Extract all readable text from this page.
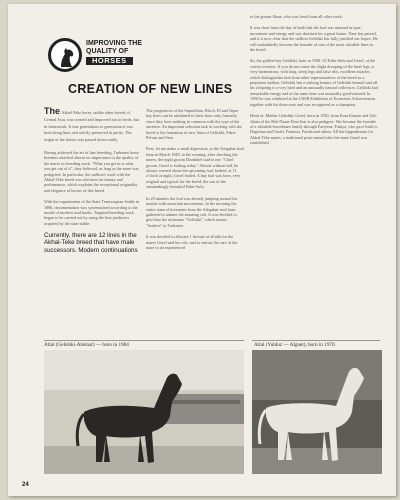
IMPROVING THE
QUALITY OF
HORSES
CREATION OF NEW LINES

The Akhal-Teke horse, unlike other breeds of Central Asia, was created and improved not in herds, but in farmsteads. It was generations to generation it was bred along lines and strictly preserved in purity. The origin of the horses was passed down orally.

Having achieved the art of line breeding, Turkmen horse breeders attached almost no importance to the quality of the mares in breeding work. "What you get in is what you get out of it", they believed, as long as the mare was pedigreed. In particular, the stallion's work with the Akhal-Teke breed was selection for beauty and performance, which explains the exceptional originality and elegance of horses of this breed.

With the organization of the State Transcaspian Stable in 1886, documentation was systematized according to the model of modern stud books. Targeted breeding work began to be carried out by using the best producers acquired by the state stable.

Currently, there are 12 lines in the Akhal-Teke breed that have male successors. Modern continuations

The progenitors of the Sapadchun, Bloch, El and Topor bay lines can be attributed to these lines only formally, since they have nothing in common with the type of the ancestor. An important selection task in working with the breed is the formation of new lines of Gelishki, Fakir-Pelvan and Sere.

First, let me make a small digression, to the Ashgabat stud farm in March 1949, in the evening, after checking the mares, the night groom Dzuduhel said to me: "Chief groom, Gezel is foaling today." Almost without fail, he always warned about the upcoming foal. Indeed, at 11 o'clock at night, Gezel foaled. A bay foal was born, very original and typical for the breed, the son of the outstandingly beautiful Fakir-Sulu.

In 20 minutes the foal was already jumping around his mother with uncertain movements. In the morning the entire team of horsemen from the Ashgabat stud farm gathered to admire the amazing colt. It was decided to give him the nickname "Gelishki", which means "fearless" in Turkmen.

It was decided to allocate 1 hectare of alfalfa for the mares Gezel and her colt, and to entrust the care of the mare to an experienced

to the groom Alma, who was freed from all other work.

It was clear from the day of birth that the foal was unusual in type, movement and energy and was destined for a great future. Time has passed, and it is now clear that the stallion Gelishki has fully justified our hopes. He will undoubtedly become the founder of one of the most valuable lines in the breed.

So, the golden-bay Gelishki, born in 1949. Of Fakir-Sulu and Gezel, of the correct exterior. If you do not count the slight drooping of the hind legs, is very harmonious, with long, steep legs and false ribs, excellent muscles, which distinguishes him from other representatives of the breed as a prepotent stallion. Gelishki has a striking feature of Gelishki himself and all his offspring is a very hard and an unusually natural collection. Gelishki had remarkable energy and at the same time was unusually good-natured. In 1950 he was exhibited at the USSR Exhibition of Economic Achievements together with his three sons and was recognized as a champion.

Head as: Mother Gelishki; Gezel, born in 1930, from Kara Ennym and Gul-Jahan of the Bek-Nazar-Dora line is also pedigree. She became the founder of a valuable broodmare family through Fariyeue, Fakiya, who gave birth to Dagestan and Turali, Fantasia, Farida and others. All the hippodromes for Akhal-Teke mares, a traditional prize named after the mare Gezel was established.

Atlal (Gelishki-Absinat) — born in 1964	Atlal (Yulduz — Alguet), born in 1970.
24
